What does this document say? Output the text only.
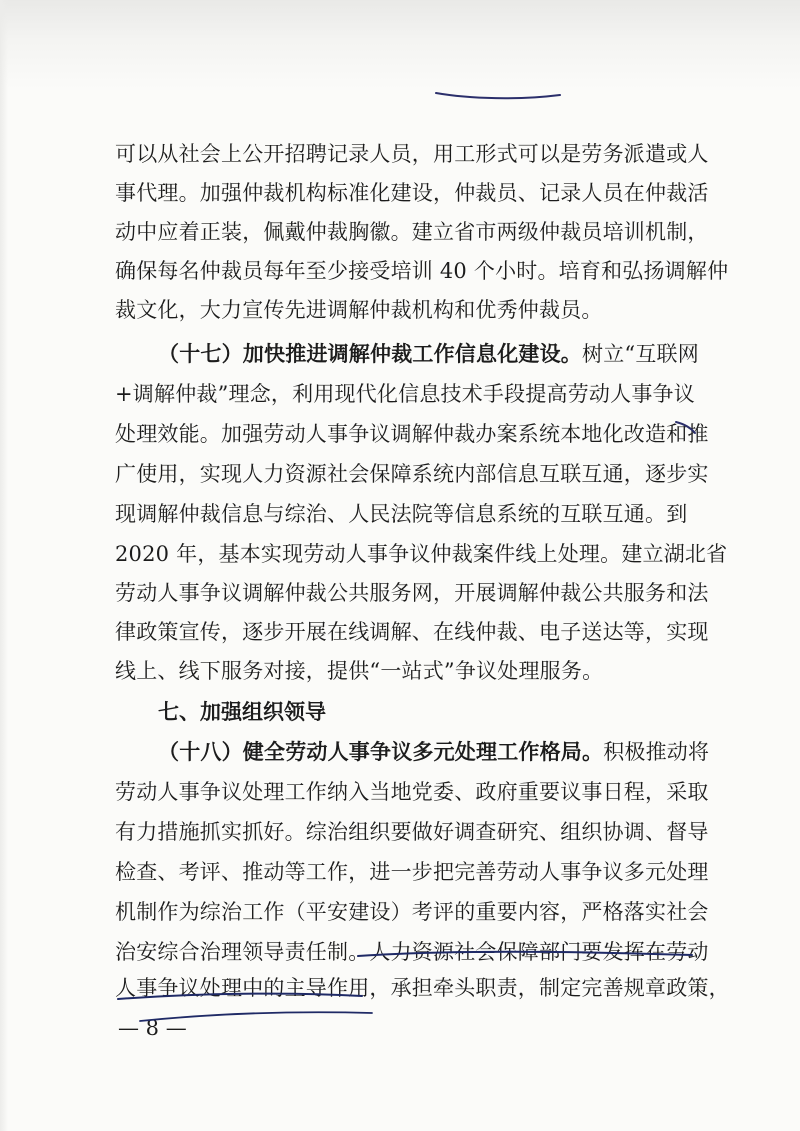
可以从社会上公开招聘记录人员，用工形式可以是劳务派遣或人
事代理。加强仲裁机构标准化建设，仲裁员、记录人员在仲裁活
动中应着正装，佩戴仲裁胸徽。建立省市两级仲裁员培训机制，
确保每名仲裁员每年至少接受培训 40 个小时。培育和弘扬调解仲
裁文化，大力宣传先进调解仲裁机构和优秀仲裁员。
（十七）加快推进调解仲裁工作信息化建设。树立“互联网
+调解仲裁”理念，利用现代化信息技术手段提高劳动人事争议
处理效能。加强劳动人事争议调解仲裁办案系统本地化改造和推
广使用，实现人力资源社会保障系统内部信息互联互通，逐步实
现调解仲裁信息与综治、人民法院等信息系统的互联互通。到
2020 年，基本实现劳动人事争议仲裁案件线上处理。建立湖北省
劳动人事争议调解仲裁公共服务网，开展调解仲裁公共服务和法
律政策宣传，逐步开展在线调解、在线仲裁、电子送达等，实现
线上、线下服务对接，提供“一站式”争议处理服务。
七、加强组织领导
（十八）健全劳动人事争议多元处理工作格局。积极推动将
劳动人事争议处理工作纳入当地党委、政府重要议事日程，采取
有力措施抓实抓好。综治组织要做好调查研究、组织协调、督导
检查、考评、推动等工作，进一步把完善劳动人事争议多元处理
机制作为综治工作（平安建设）考评的重要内容，严格落实社会
治安综合治理领导责任制。人力资源社会保障部门要发挥在劳动
人事争议处理中的主导作用，承担牵头职责，制定完善规章政策，
— 8 —
